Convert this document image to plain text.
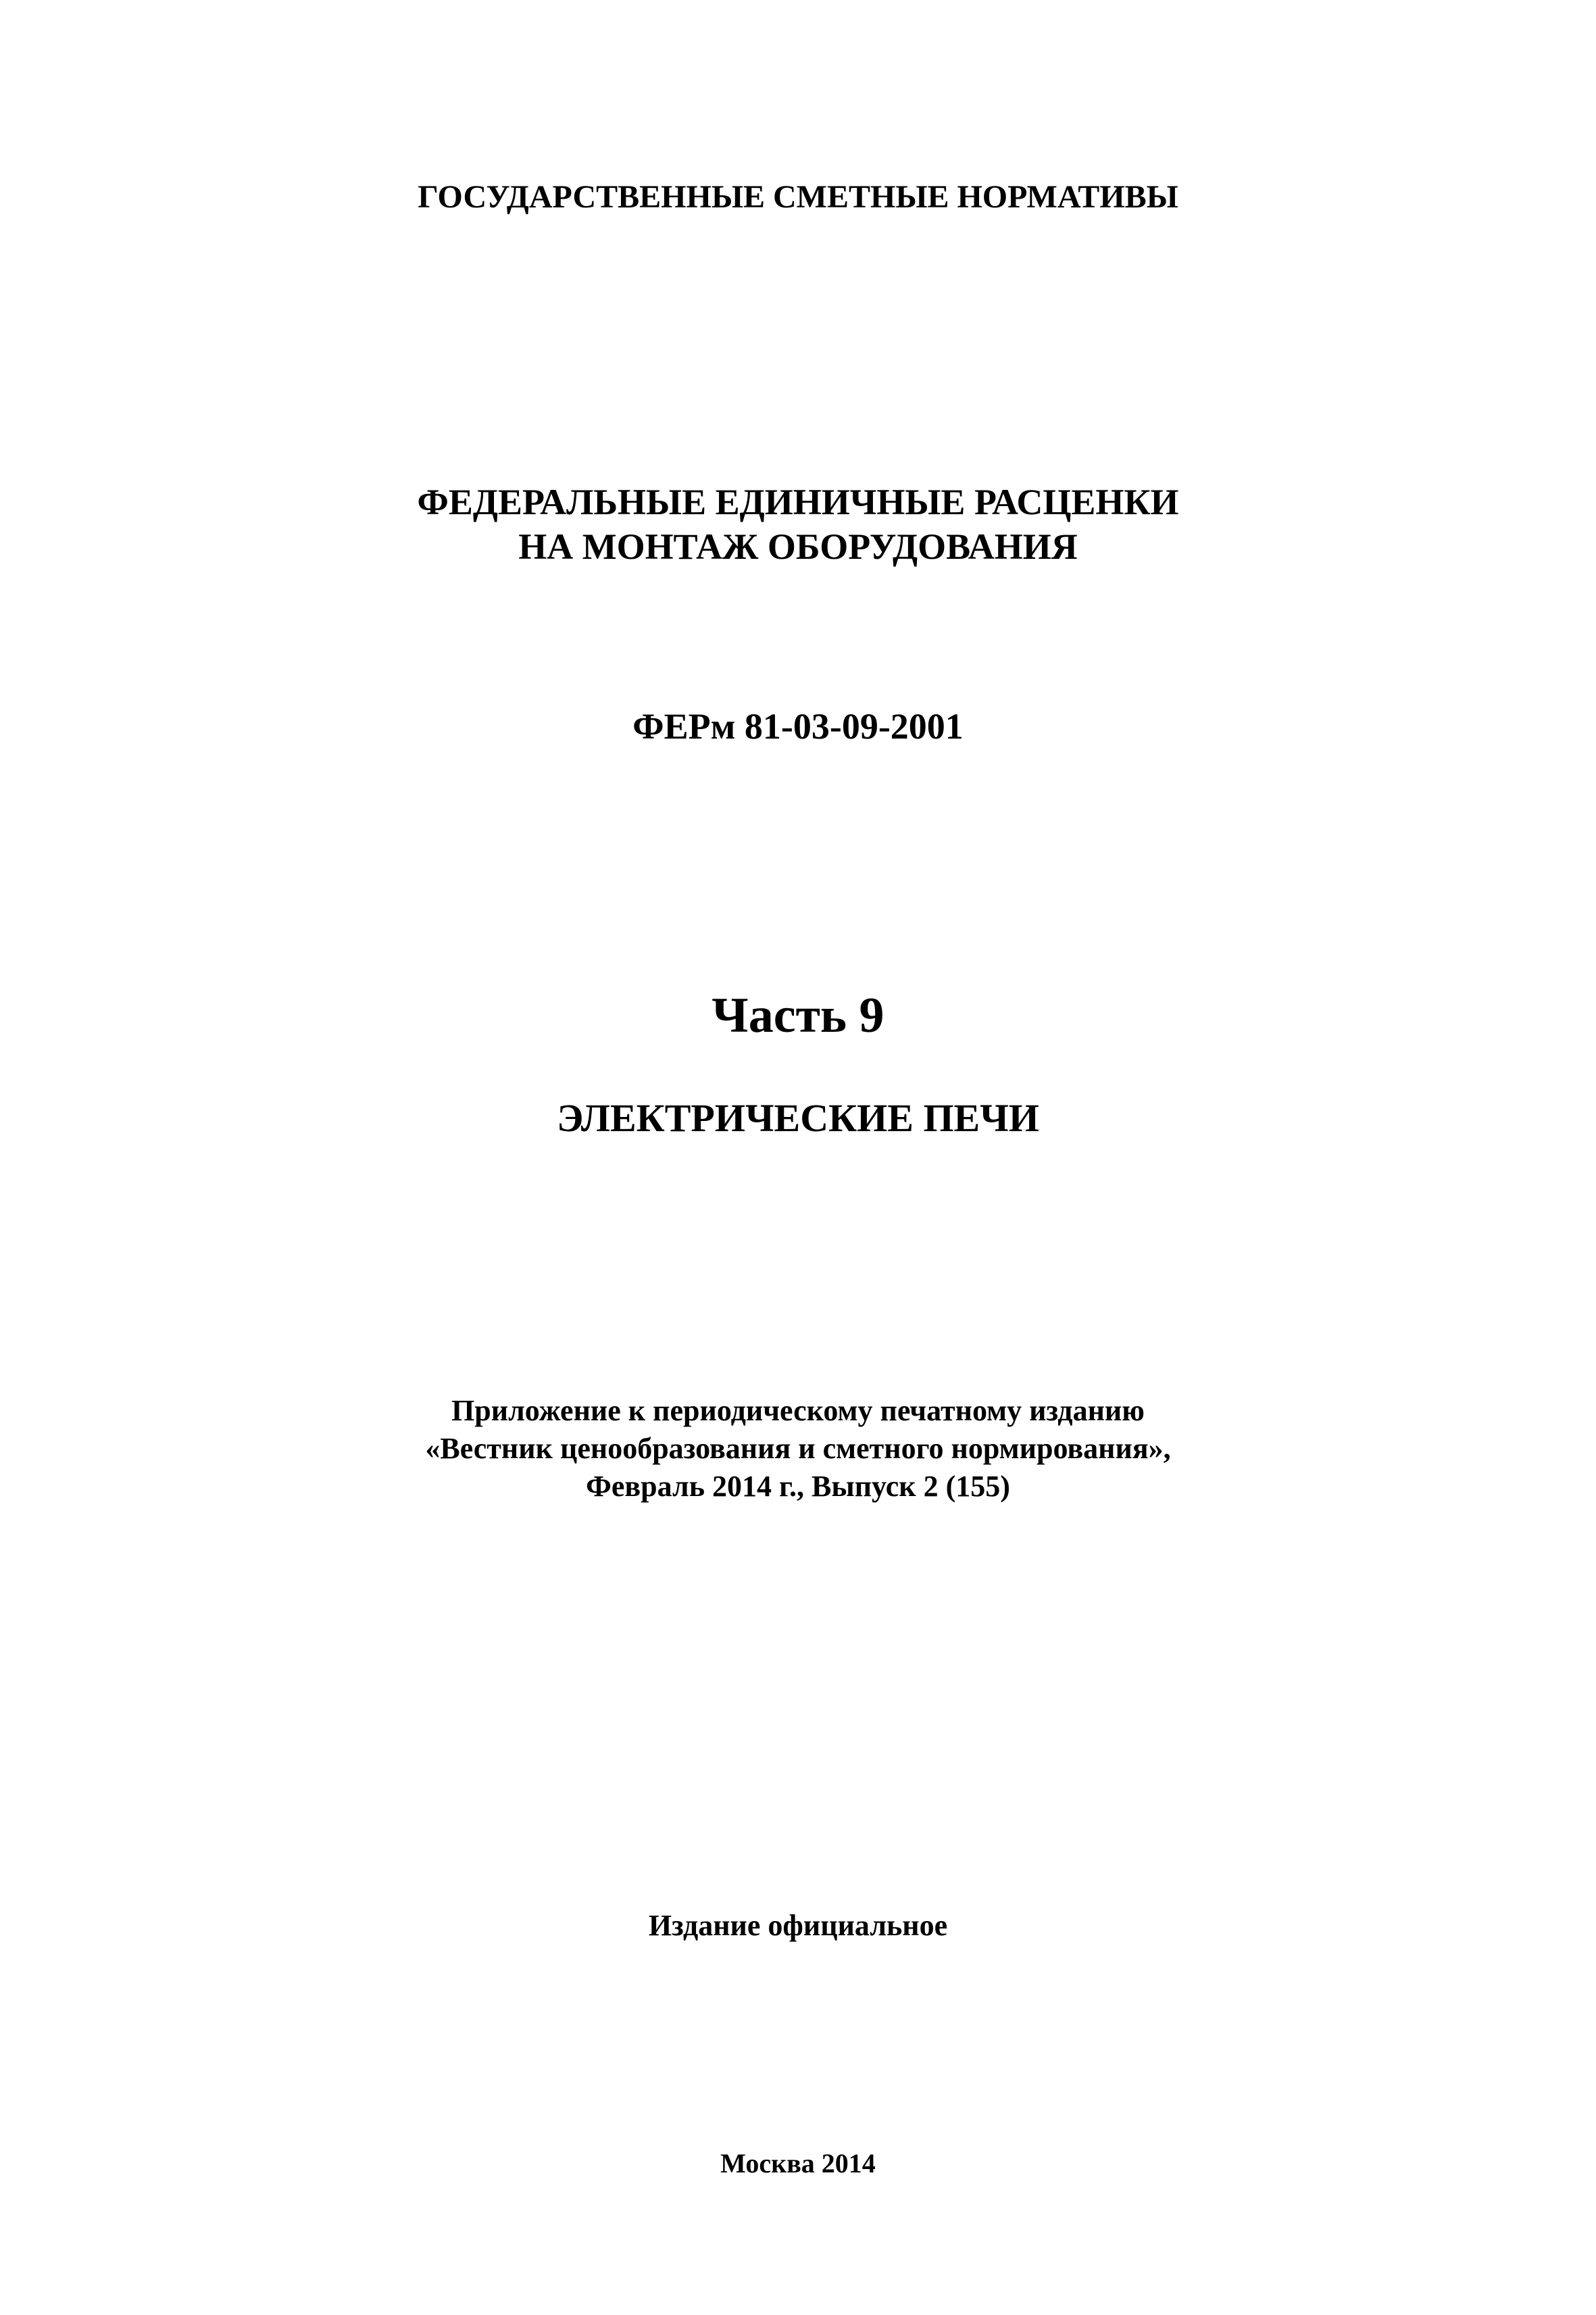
ГОСУДАРСТВЕННЫЕ СМЕТНЫЕ НОРМАТИВЫ
ФЕДЕРАЛЬНЫЕ ЕДИНИЧНЫЕ РАСЦЕНКИ
НА МОНТАЖ ОБОРУДОВАНИЯ
ФЕРм 81-03-09-2001
Часть 9
ЭЛЕКТРИЧЕСКИЕ ПЕЧИ
Приложение к периодическому печатному изданию
«Вестник ценообразования и сметного нормирования»,
Февраль 2014 г., Выпуск 2 (155)
Издание официальное
Москва 2014
